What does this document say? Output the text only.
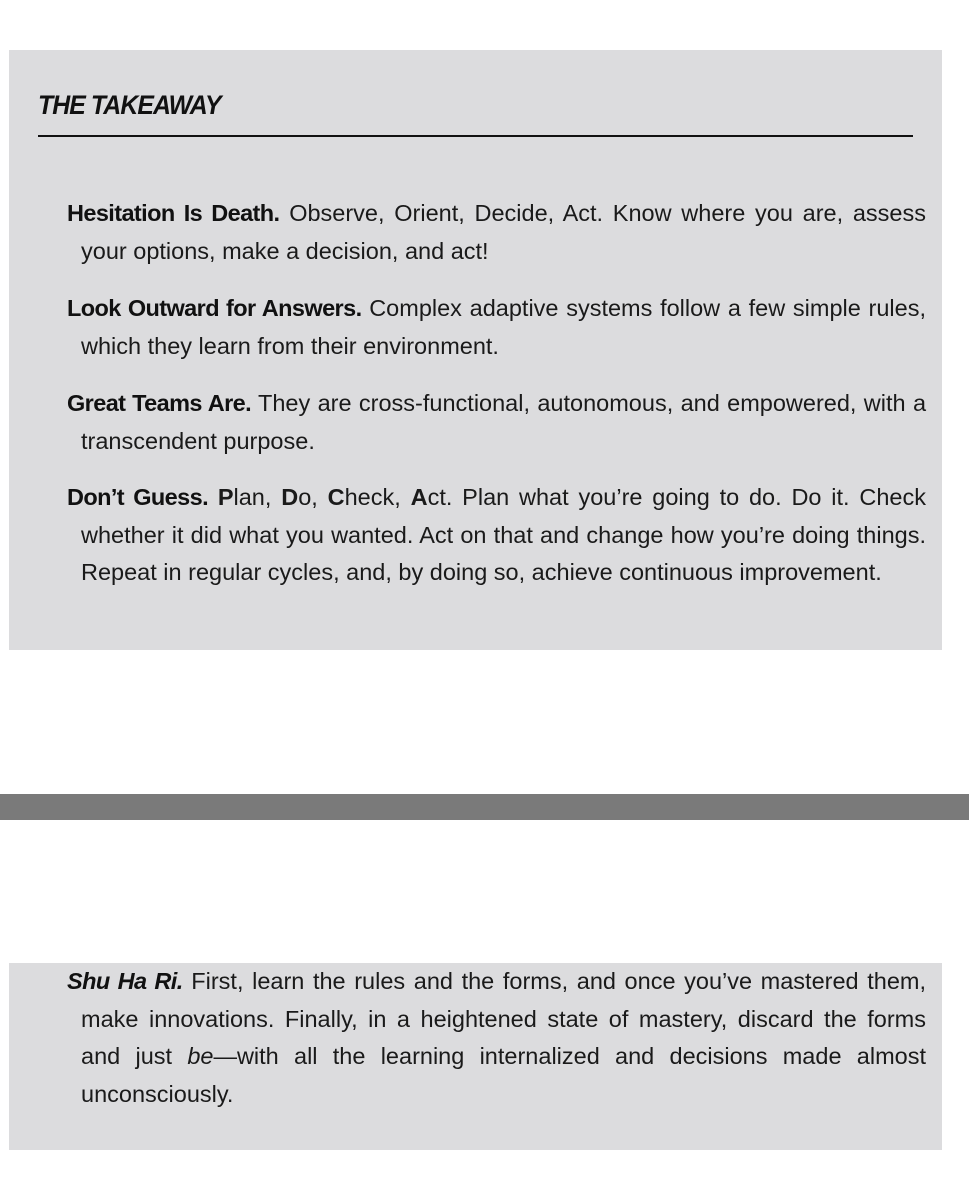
THE TAKEAWAY

Hesitation Is Death. Observe, Orient, Decide, Act. Know where you are, assess your options, make a decision, and act!

Look Outward for Answers. Complex adaptive systems follow a few simple rules, which they learn from their environment.

Great Teams Are. They are cross-functional, autonomous, and empowered, with a transcendent purpose.

Don’t Guess. Plan, Do, Check, Act. Plan what you’re going to do. Do it. Check whether it did what you wanted. Act on that and change how you’re doing things. Repeat in regular cycles, and, by doing so, achieve continuous improvement.

Shu Ha Ri. First, learn the rules and the forms, and once you’ve mastered them, make innovations. Finally, in a heightened state of mastery, discard the forms and just be—with all the learning internalized and decisions made almost unconsciously.
